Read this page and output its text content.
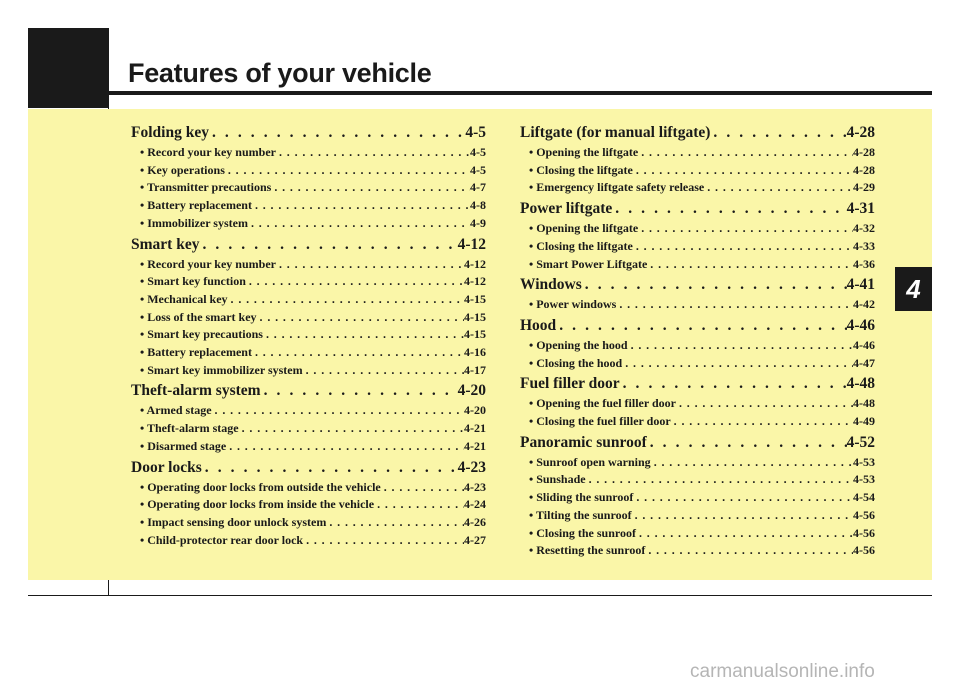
Features of your vehicle
4
Folding key . . .	4-5
• Record your key number . . .	4-5
• Key operations . . .	4-5
• Transmitter precautions . . .	4-7
• Battery replacement . . .	4-8
• Immobilizer system . . .	4-9
Smart key . . .	4-12
• Record your key number . . .	4-12
• Smart key function . . .	4-12
• Mechanical key . . .	4-15
• Loss of the smart key . . .	4-15
• Smart key precautions . . .	4-15
• Battery replacement . . .	4-16
• Smart key immobilizer system . . .	4-17
Theft-alarm system . . .	4-20
• Armed stage . . .	4-20
• Theft-alarm stage . . .	4-21
• Disarmed stage . . .	4-21
Door locks . . .	4-23
• Operating door locks from outside the vehicle . . .	4-23
• Operating door locks from inside the vehicle . . .	4-24
• Impact sensing door unlock system . . .	4-26
• Child-protector rear door lock . . .	4-27
Liftgate (for manual liftgate) . . .	4-28
• Opening the liftgate . . .	4-28
• Closing the liftgate . . .	4-28
• Emergency liftgate safety release . . .	4-29
Power liftgate . . .	4-31
• Opening the liftgate . . .	4-32
• Closing the liftgate . . .	4-33
• Smart Power Liftgate . . .	4-36
Windows . . .	4-41
• Power windows . . .	4-42
Hood . . .	4-46
• Opening the hood . . .	4-46
• Closing the hood . . .	4-47
Fuel filler door . . .	4-48
• Opening the fuel filler door . . .	4-48
• Closing the fuel filler door . . .	4-49
Panoramic sunroof . . .	4-52
• Sunroof open warning . . .	4-53
• Sunshade . . .	4-53
• Sliding the sunroof . . .	4-54
• Tilting the sunroof . . .	4-56
• Closing the sunroof . . .	4-56
• Resetting the sunroof . . .	4-56
carmanualsonline.info
